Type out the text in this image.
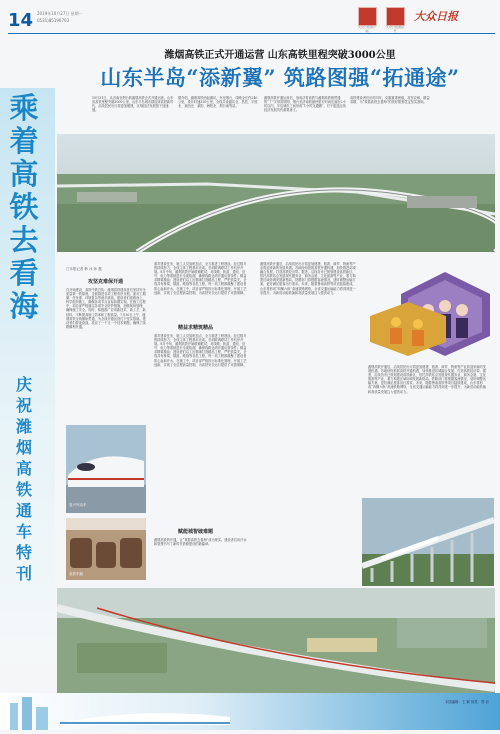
14 2019年10月27日 星期一
0531)85196703
大众日报客户端
大众日报微信号
大众日报
潍烟高铁正式开通运营 山东高铁里程突破3000公里
山东半岛“添新翼” 筑路图强“拓通途”
10月31日，从济南至烟台的潍烟高铁正式开通运营。山东省高铁里程突破3000公里，山东半岛城市群迎来高铁新时代，沿线居民出行将更加便捷，区域经济发展按下加速键。
据介绍，潍烟高铁西起潍坊，东至烟台，线路全长约240公里，设计时速350公里，全线共设潍坊北、昌邑、平度北、莱西北、莱阳、海阳北、烟台南等站。
潍烟高铁开通运营后，形成济青高铁与潍烟高铁相贯通的“丁”字形高铁网，烟台至济南的最快旅行时间压缩至2小时以内，半岛城市之间形成“1小时交通圈”，对于促进沿线经济发展具有重要意义。
高铁建设者们历时四年，克服重重困难，攻坚克难，精益求精，为“乘着高铁去看海”的美好愿景奠定坚实基础。
乘着高铁去看海
庆祝潍烟高铁通车特刊
□本报记者 韩 冰 孙 磊
攻坚克难保开通
自开始建设，高铁中铁总队：潍烟高铁建设者们坚持安全质量第一的原则，全面推进各项工程有序开展。面对工期紧、任务重、环境复杂等诸多挑战，建设者们迎难而上，科学组织施工，确保各项节点目标如期实现。在施工过程中，项目部严格落实各项安全防护措施，加强现场管理，确保施工安全。同时，积极推广应用新技术、新工艺、新材料，不断提高施工效率和工程质量。7月30日上午，潍烟高铁全线铺轨贯通，为全线开通运营打下坚实基础。建设者们昼夜奋战，攻克了一个又一个技术难题，确保了线路顺利开通。
面对建设任务，施工人员加班加点，全力推进工程建设。经过数月的持续努力，全线主体工程基本完成，各项联调联试工作有序开展。8月中旬，潍烟高铁开始联调联试，对线路、轨道、通信、信号、电力等系统进行全面检测，确保线路达到开通运营条件。精益求精筑精品：建设者们以工匠精神打造精品工程，严把质量关。全线共有桥梁、隧道、路基等各类工程，每一项工程都凝聚了建设者的心血和汗水。在施工中，项目部严格执行标准化管理，开展工艺创新，实现了全过程质量控制，为高铁安全运行提供了可靠保障。
精益求精筑精品
面对建设任务，施工人员加班加点，全力推进工程建设。经过数月的持续努力，全线主体工程基本完成，各项联调联试工作有序开展。8月中旬，潍烟高铁开始联调联试，对线路、轨道、通信、信号、电力等系统进行全面检测，确保线路达到开通运营条件。精益求精筑精品：建设者们以工匠精神打造精品工程，严把质量关。全线共有桥梁、隧道、路基等各类工程，每一项工程都凝聚了建设者的心血和汗水。在施工中，项目部严格执行标准化管理，开展工艺创新，实现了全过程质量控制，为高铁安全运行提供了可靠保障。
赋能城智破难题
潍烟高铁的开通，让“乘着高铁去看海”成为现实。建设者们用汗水和智慧书写了新时代铁路建设的新篇章。
潍烟高铁开通后，沿线居民出行将更加便捷，旅游、商贸、物流等产业将迎来新的发展机遇。各地纷纷抢抓高铁开通机遇，加快推进站城融合发展，打造高铁经济带。据悉，沿线各市已规划建设高铁新区，依托高铁站点发展现代服务业、商务会展、文化旅游等产业，着力构建区域协调发展新格局。铁路部门将根据客流情况，适时调整运输方案，更好满足旅客出行需求。未来，随着鲁南高铁等项目陆续建成，山东将形成“四横六纵”高速铁路网络，全省交通运输能力将得到进一步提升，为新旧动能转换和高质量发展注入强劲动力。
潍烟高铁开通后，沿线居民出行将更加便捷，旅游、商贸、物流等产业将迎来新的发展机遇。各地纷纷抢抓高铁开通机遇，加快推进站城融合发展，打造高铁经济带。据悉，沿线各市已规划建设高铁新区，依托高铁站点发展现代服务业、商务会展、文化旅游等产业，着力构建区域协调发展新格局。铁路部门将根据客流情况，适时调整运输方案，更好满足旅客出行需求。未来，随着鲁南高铁等项目陆续建成，山东将形成“四横六纵”高速铁路网络，全省交通运输能力将得到进一步提升，为新旧动能转换和高质量发展注入强劲动力。
复兴号动车
高铁车厢
本版编辑：王 颖 视觉：郑 岩
